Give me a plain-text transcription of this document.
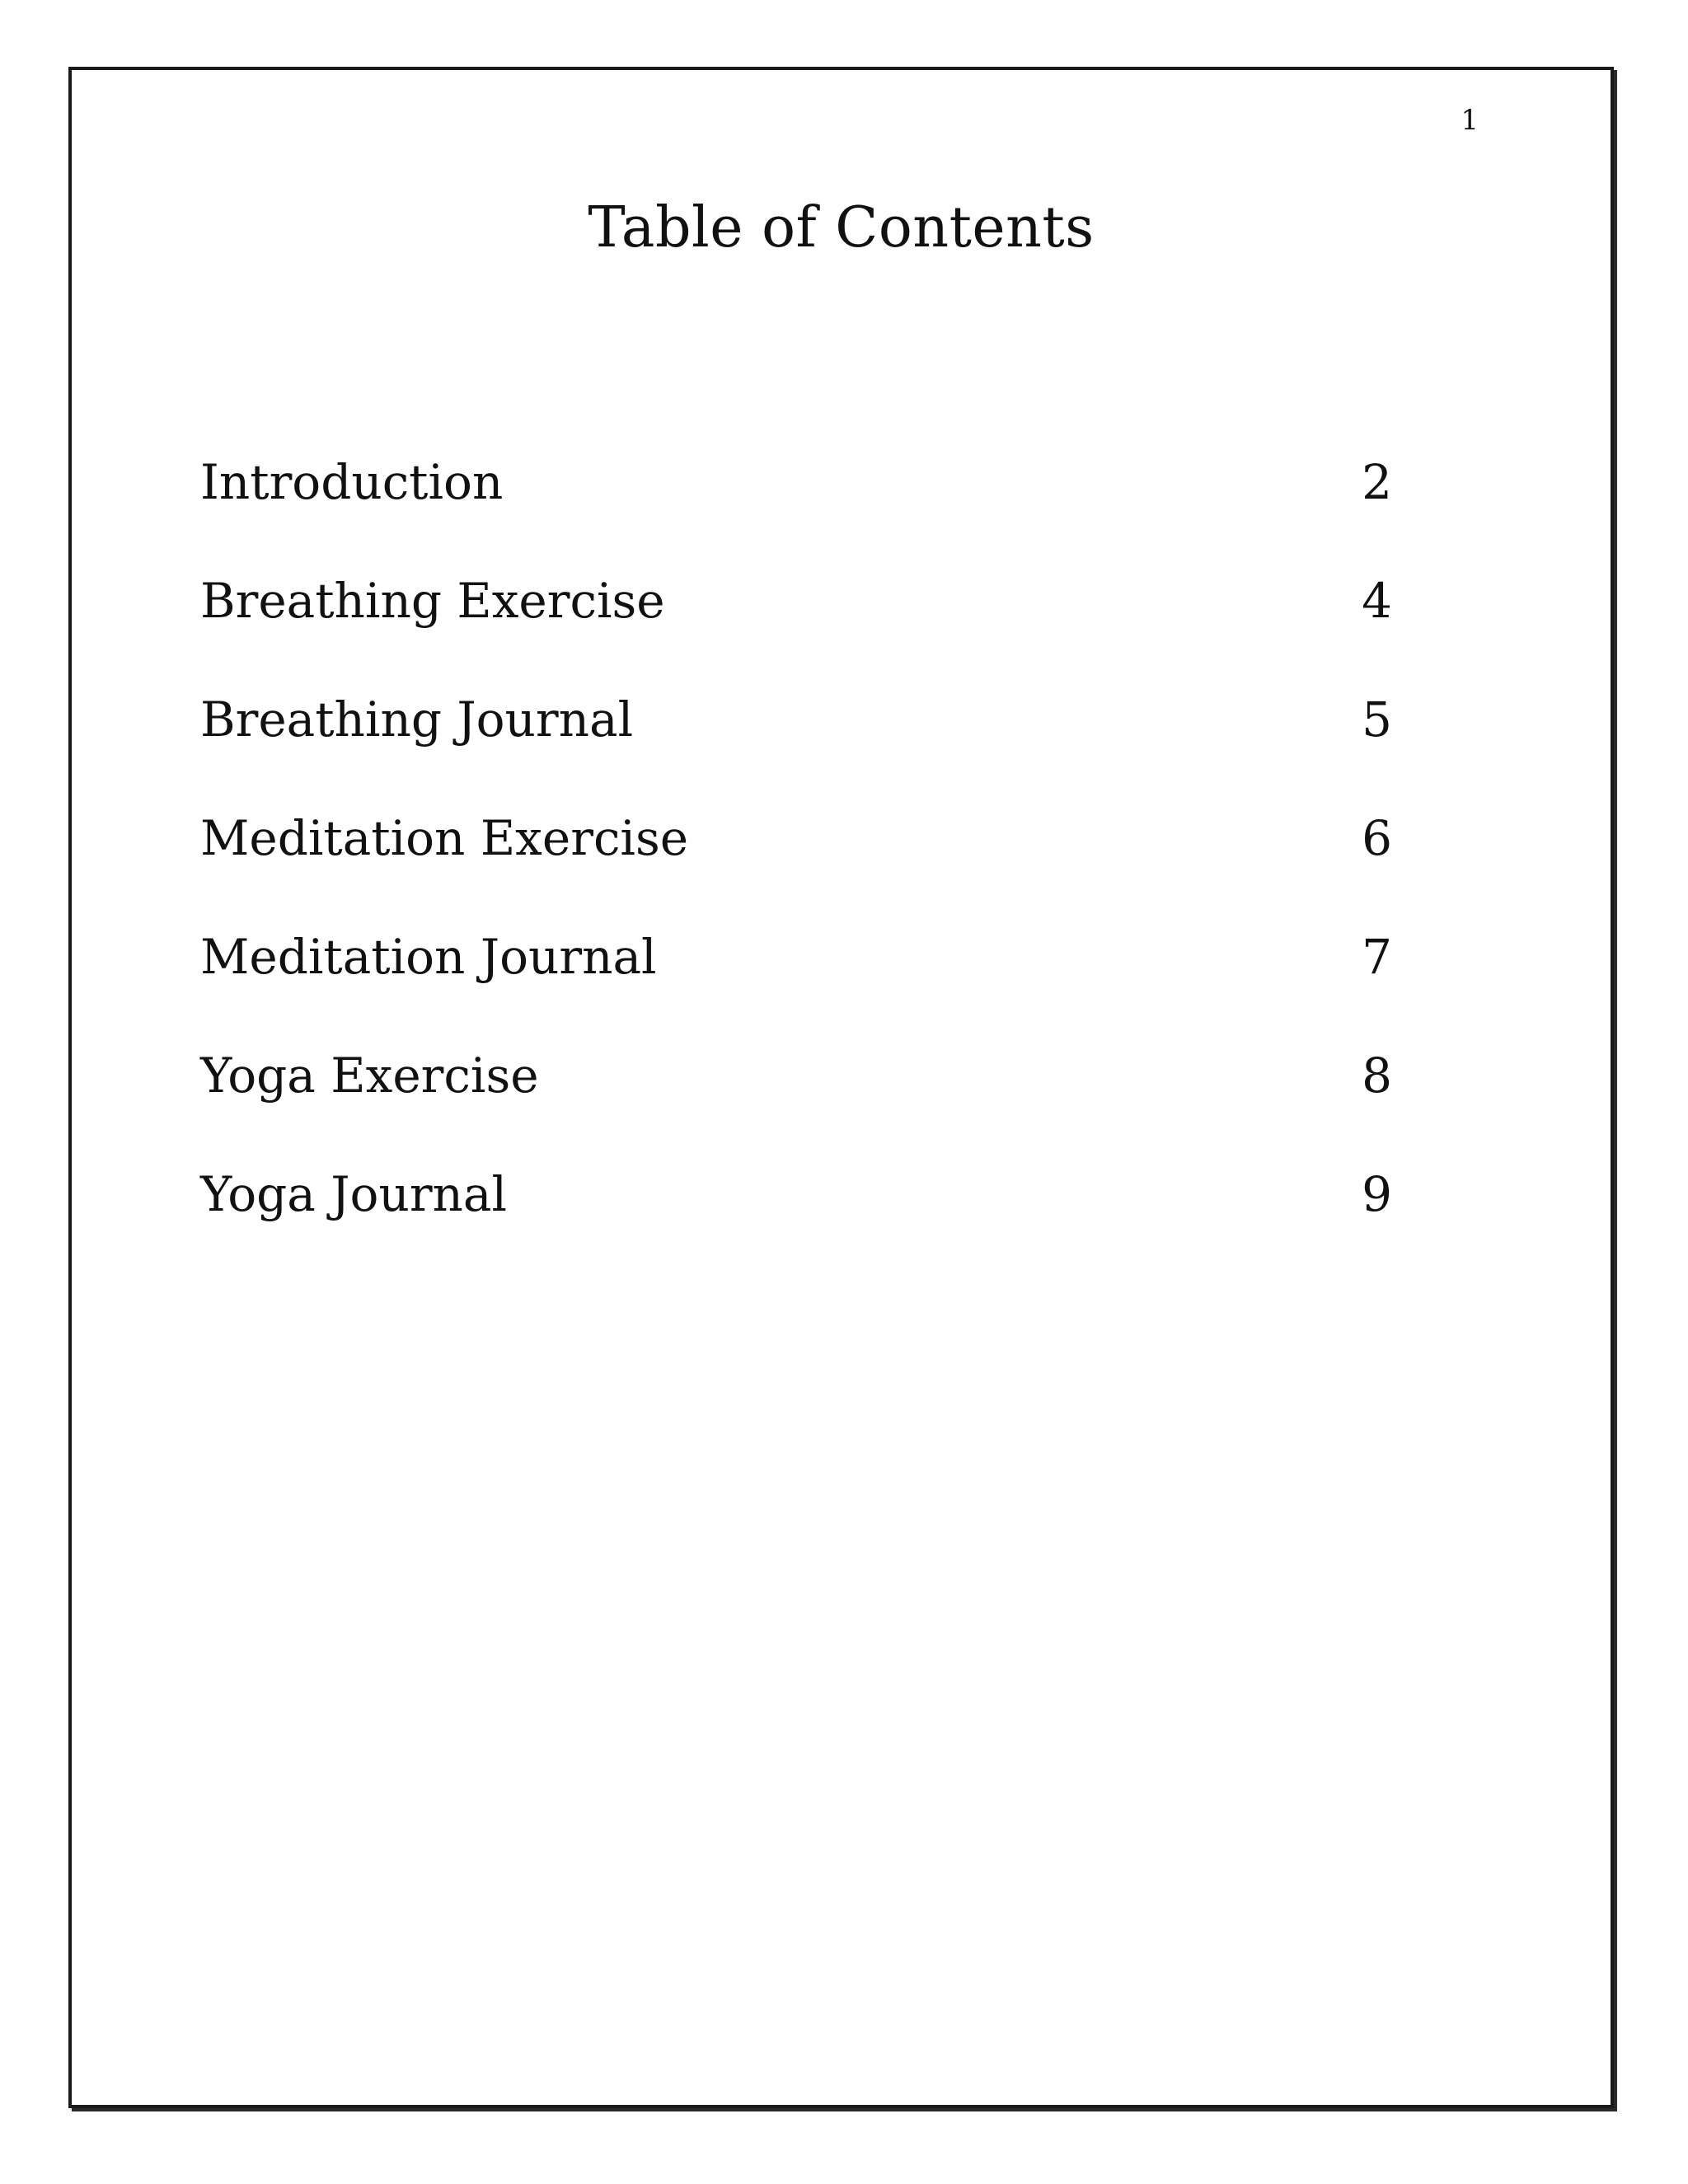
1
Table of Contents
Introduction	2
Breathing Exercise	4
Breathing Journal	5
Meditation Exercise	6
Meditation Journal	7
Yoga Exercise	8
Yoga Journal	9
